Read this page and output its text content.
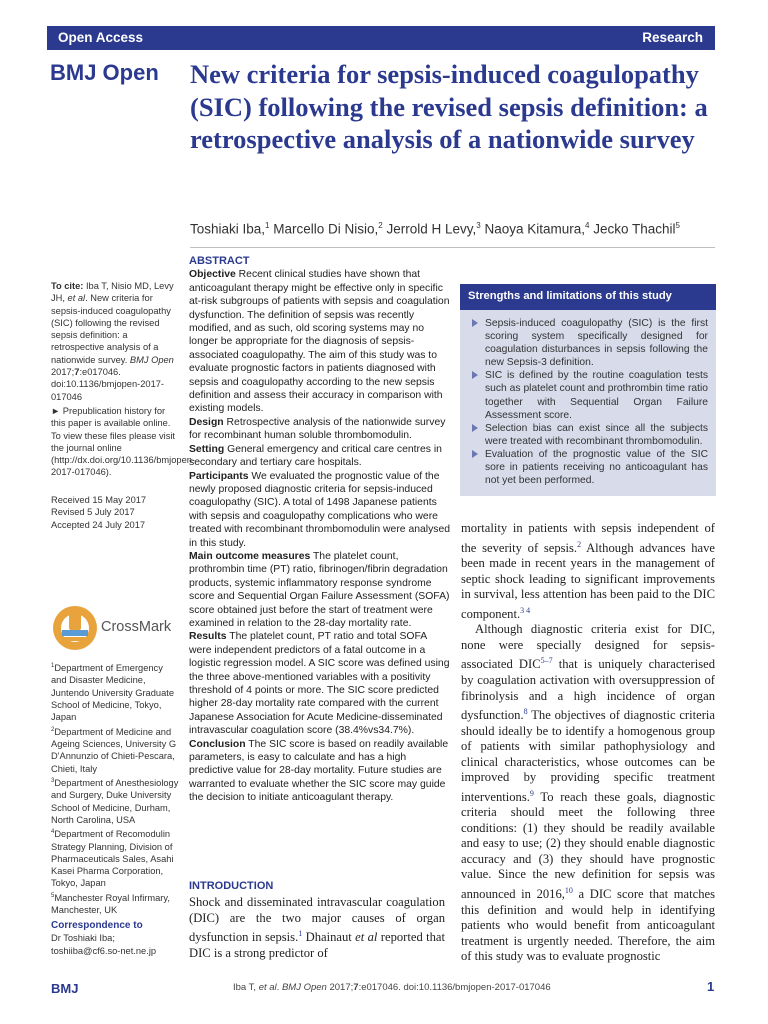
Open Access	Research
BMJ Open New criteria for sepsis-induced coagulopathy (SIC) following the revised sepsis definition: a retrospective analysis of a nationwide survey
Toshiaki Iba,$^1$ Marcello Di Nisio,$^2$ Jerrold H Levy,$^3$ Naoya Kitamura,$^4$ Jecko Thachil$^5$

To cite: Iba T, Nisio MD, Levy JH, et al. New criteria for sepsis-induced coagulopathy (SIC) following the revised sepsis definition: a retrospective analysis of a nationwide survey. BMJ Open 2017;7:e017046. doi:10.1136/bmjopen-2017-017046

► Prepublication history for this paper is available online. To view these files please visit the journal online (http://dx.doi.org/10.1136/bmjopen-2017-017046).

Received 15 May 2017

Revised 5 July 2017

Accepted 24 July 2017

CrossMark

$^1$Department of Emergency and Disaster Medicine, Juntendo University Graduate School of Medicine, Tokyo, Japan

$^2$Department of Medicine and Ageing Sciences, University G D'Annunzio of Chieti-Pescara, Chieti, Italy

$^3$Department of Anesthesiology and Surgery, Duke University School of Medicine, Durham, North Carolina, USA

$^4$Department of Recomodulin Strategy Planning, Division of Pharmaceuticals Sales, Asahi Kasei Pharma Corporation, Tokyo, Japan

$^5$Manchester Royal Infirmary, Manchester, UK

Correspondence to

Dr Toshiaki Iba;

toshiiba@cf6.so-net.ne.jp

ABSTRACT

Objective Recent clinical studies have shown that anticoagulant therapy might be effective only in specific at-risk subgroups of patients with sepsis and coagulation dysfunction. The definition of sepsis was recently modified, and as such, old scoring systems may no longer be appropriate for the diagnosis of sepsis-associated coagulopathy. The aim of this study was to evaluate prognostic factors in patients diagnosed with sepsis and coagulopathy according to the new sepsis definition and assess their accuracy in comparison with existing models.

Design Retrospective analysis of the nationwide survey for recombinant human soluble thrombomodulin.

Setting General emergency and critical care centres in secondary and tertiary care hospitals.

Participants We evaluated the prognostic value of the newly proposed diagnostic criteria for sepsis-induced coagulopathy (SIC). A total of 1498 Japanese patients with sepsis and coagulopathy complications who were treated with recombinant thrombomodulin were analysed in this study.

Main outcome measures The platelet count, prothrombin time (PT) ratio, fibrinogen/fibrin degradation products, systemic inflammatory response syndrome score and Sequential Organ Failure Assessment (SOFA) score obtained just before the start of treatment were examined in relation to the 28-day mortality rate.

Results The platelet count, PT ratio and total SOFA were independent predictors of a fatal outcome in a logistic regression model. A SIC score was defined using the three above-mentioned variables with a positivity threshold of 4 points or more. The SIC score predicted higher 28-day mortality rate compared with the current Japanese Association for Acute Medicine-disseminated intravascular coagulation score (38.4%vs34.7%).

Conclusion The SIC score is based on readily available parameters, is easy to calculate and has a high predictive value for 28-day mortality. Future studies are warranted to evaluate whether the SIC score may guide the decision to initiate anticoagulant therapy.

INTRODUCTION

Shock and disseminated intravascular coagulation (DIC) are the two major causes of organ dysfunction in sepsis.$^1$ Dhainaut et al reported that DIC is a strong predictor of

Strengths and limitations of this study
Sepsis-induced coagulopathy (SIC) is the first scoring system specifically designed for coagulation disturbances in sepsis following the new Sepsis-3 definition.
SIC is defined by the routine coagulation tests such as platelet count and prothrombin time ratio together with Sequential Organ Failure Assessment score.
Selection bias can exist since all the subjects were treated with recombinant thrombomodulin.
Evaluation of the prognostic value of the SIC sore in patients receiving no anticoagulant has not yet been performed.

mortality in patients with sepsis independent of the severity of sepsis.$^2$ Although advances have been made in recent years in the management of septic shock leading to significant improvements in survival, less attention has been paid to the DIC component.$^{3 4}$
Although diagnostic criteria exist for DIC, none were specially designed for sepsis-associated DIC$^{5-7}$ that is uniquely characterised by coagulation activation with oversuppression of fibrinolysis and a high incidence of organ dysfunction.$^8$ The objectives of diagnostic criteria should ideally be to identify a homogenous group of patients with similar pathophysiology and clinical characteristics, whose outcomes can be improved by providing specific treatment interventions.$^9$ To reach these goals, diagnostic criteria should meet the following three conditions: (1) they should be readily available and easy to use; (2) they should enable diagnostic accuracy and (3) they should have prognostic value. Since the new definition for sepsis was announced in 2016,10 a DIC score that matches this definition and would help in identifying patients who would benefit from anticoagulant treatment is urgently needed. Therefore, the aim of this study was to evaluate prognostic

BMJ	Iba T, et al. BMJ Open 2017;7:e017046. doi:10.1136/bmjopen-2017-017046	1
